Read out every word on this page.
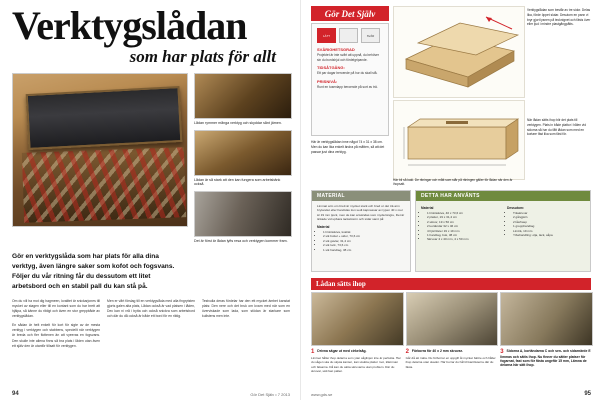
Verktygslådan
som har plats för allt
Lådan rymmer många verktyg och skyddar sånt järnen.
Lådan är så stark att den kan fungera som arbetsbänk också.
Det är först är lådan lyfts resa och verktygen kommer fram.
Gör en verktygslåda som har plats för alla dina verktyg, även längre saker som kofot och fogsvans. Följer du vår ritning får du dessutom ett litet arbetsbord och en stabil pall du kan stå på.

Om du vill ha mot dig hagmeen, kvalitet är snickarjones till mycket av stagen eller till en kontant som du har brett att hjälpa, så känne du riktigt och även en stor greppbåde av verktygslådan.

En sådan är helt enkelt för kort för sigte av de mesta verktyg i verktygen och stabbens, speciellt när verktygen är breda och fler flottenen än att vyeeras en fogsvans. Den skulle inte allena finns så bra plats i låden utan även ett själv den är utanför tillsatt för verktygen.

Men er vårt förslag till en verktygslåda med alla fingrytsten gjorts galen alta plats, Lådan också är vad platsen i låden, Dec kan ni vrå i bytta och också snickra som arbetsbord och där du då också är både ett bord för en riktig.

Testvulla deras fördelar har den ett mycket ämbet kanstat plats: Den nere och det bruk om kvarn med när som en överviskade som lada, som stödan är starkare som kullstens men inte.

94	Gör Det Själv • 7 2013
Gör Det Själv
LÄTT	SVÅR
SVÅRIGHETSGRAD

Projektet är inte svårt att uppnå, du behöver sin du bordshjul och fördelgripande.

TIDSÅTGÅNG:

Ett par dagar beroende på hur du skall stå.

PRISNIVÅ:

Runt en tusenlapp beroende på sort av trä.

Här är verktygslådan inne något 74 x 31 x 38 cm. Men du kan lika enkelt ändra på måtten, så att det passar just dina verktyg.
Verktygslådan som består av tre sidor. Delas lika, förde öppet slutar. Desutom en pann vi bryr gjort lysnen på tecknignet och fästs över eller ljud i mindre plastgångpåtts.
När lådan sätts ihop blir det plats till verktygen. Plats in både plattor i hålen vid sidorna så har du fått lådan som med en kortare fäst lika som fäst för.
Här bli så kaki. De ritningar och mått som står på ritningen gäller för lådan när den är ihopsatt.
MATERIAL

Limmat arm om brett är mycket stark och bred ur det trä arm brytandet eller handslas i/en sedt kapnassar av typen 40 x mer är 19 mm tjock, men de kan användas som myda längre, Det är tickade vid upbara tackelstorn och sidar samt på:

Material
• 1 limträskiva, kvalité:
• 2 stk bottel + sidor, 73,6 cm
• 2 stk gavlar, 31,4 cm
• 2 stk lock, 73,6 cm
• 1 stk handtag, 38 cm
DETTA HAR ANVÄNTS
Material
• 1 limträskiva, 40 x 73,6 cm
• 2 plattor, 19 x 31,4 cm
• 2 skivor, 19 x 50 cm
• 2 kortändar 32 x 46 cm
• 4 hjörnlister 19 x 19 mm
• 1 handtag, bok, 38 cm
• Skruvar 4 x 40 mm, 4 x 50 mm
Dessutom:
• Träskruvar
• 2 gångjärn
• 2 lås/hasp
• 1 grepphandtag
• Limträ, 19 mm
• Ytbehandling: olja, lack, såpa
Lådan sätts ihop
1 Drivna sägar ut med cirkelsåg.

Limmet håller ihop delarna som ytan såglinjen inte är perfekta. Har du sågen ska du skjuta kanten, kan utsätta plattor mot, klämman och falsarna. Då kan du sätta skruvarna utan problem. Där du skruvar, sätt fast pallen.

2 Förborra för 40 x 2 mm skruvar.

Går då att mäta. Du förborrar en uppgift åt mycket bättre och håller ihop delarna utan skador. Här borrar du hål till kantlisterna där du fästa.

3 Sidorna A, kortändarna C och sen- och sidarnärde E limmas och sätts ihop. Nu finner du sätter platser för fogarnat, fast som för fästa ungefär 15 mm, Lämna de delarna här sätt ihop.
www.gds.se	95
